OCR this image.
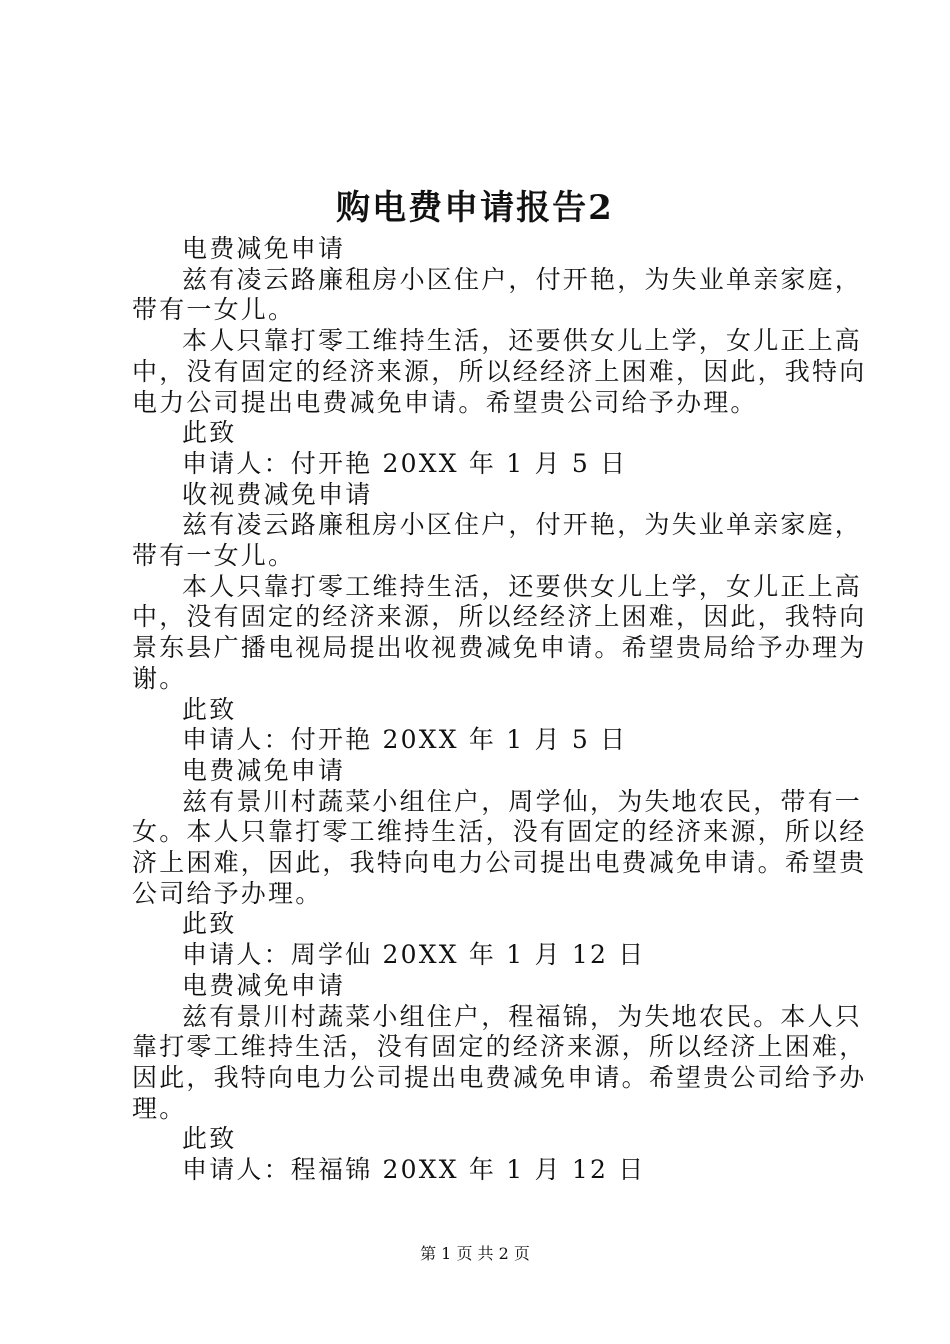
购电费申请报告2
电费减免申请
兹有凌云路廉租房小区住户，付开艳，为失业单亲家庭，
带有一女儿。
本人只靠打零工维持生活，还要供女儿上学，女儿正上高
中，没有固定的经济来源，所以经经济上困难，因此，我特向
电力公司提出电费减免申请。希望贵公司给予办理。
此致
申请人：付开艳 20XX 年 1 月 5 日
收视费减免申请
兹有凌云路廉租房小区住户，付开艳，为失业单亲家庭，
带有一女儿。
本人只靠打零工维持生活，还要供女儿上学，女儿正上高
中，没有固定的经济来源，所以经经济上困难，因此，我特向
景东县广播电视局提出收视费减免申请。希望贵局给予办理为
谢。
此致
申请人：付开艳 20XX 年 1 月 5 日
电费减免申请
兹有景川村蔬菜小组住户，周学仙，为失地农民，带有一
女。本人只靠打零工维持生活，没有固定的经济来源，所以经
济上困难，因此，我特向电力公司提出电费减免申请。希望贵
公司给予办理。
此致
申请人：周学仙 20XX 年 1 月 12 日
电费减免申请
兹有景川村蔬菜小组住户，程福锦，为失地农民。本人只
靠打零工维持生活，没有固定的经济来源，所以经济上困难，
因此，我特向电力公司提出电费减免申请。希望贵公司给予办
理。
此致
申请人：程福锦 20XX 年 1 月 12 日
第 1 页 共 2 页
